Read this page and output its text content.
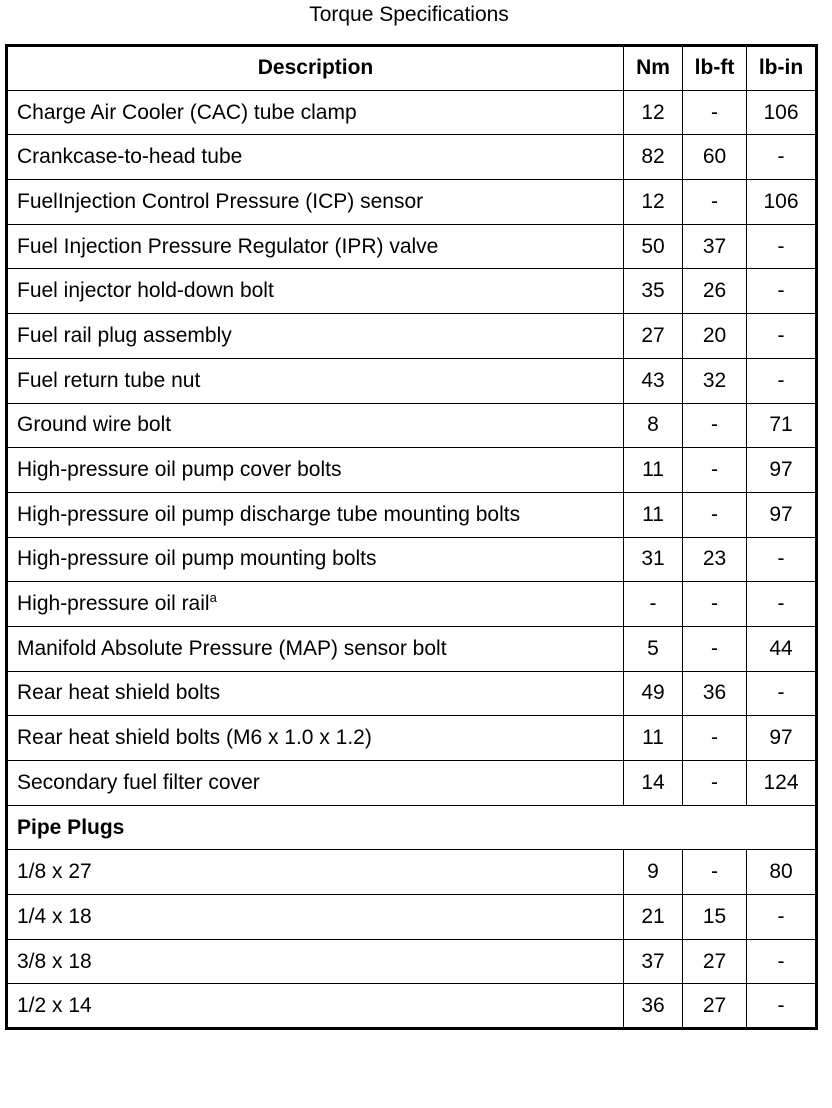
Torque Specifications
Description	Nm	lb-ft	lb-in
Charge Air Cooler (CAC) tube clamp	12	-	106
Crankcase-to-head tube	82	60	-
FuelInjection Control Pressure (ICP) sensor	12	-	106
Fuel Injection Pressure Regulator (IPR) valve	50	37	-
Fuel injector hold-down bolt	35	26	-
Fuel rail plug assembly	27	20	-
Fuel return tube nut	43	32	-
Ground wire bolt	8	-	71
High-pressure oil pump cover bolts	11	-	97
High-pressure oil pump discharge tube mounting bolts	11	-	97
High-pressure oil pump mounting bolts	31	23	-
High-pressure oil rail$^a$	-	-	-
Manifold Absolute Pressure (MAP) sensor bolt	5	-	44
Rear heat shield bolts	49	36	-
Rear heat shield bolts (M6 x 1.0 x 1.2)	11	-	97
Secondary fuel filter cover	14	-	124
Pipe Plugs			
1/8 x 27	9	-	80
1/4 x 18	21	15	-
3/8 x 18	37	27	-
1/2 x 14	36	27	-
